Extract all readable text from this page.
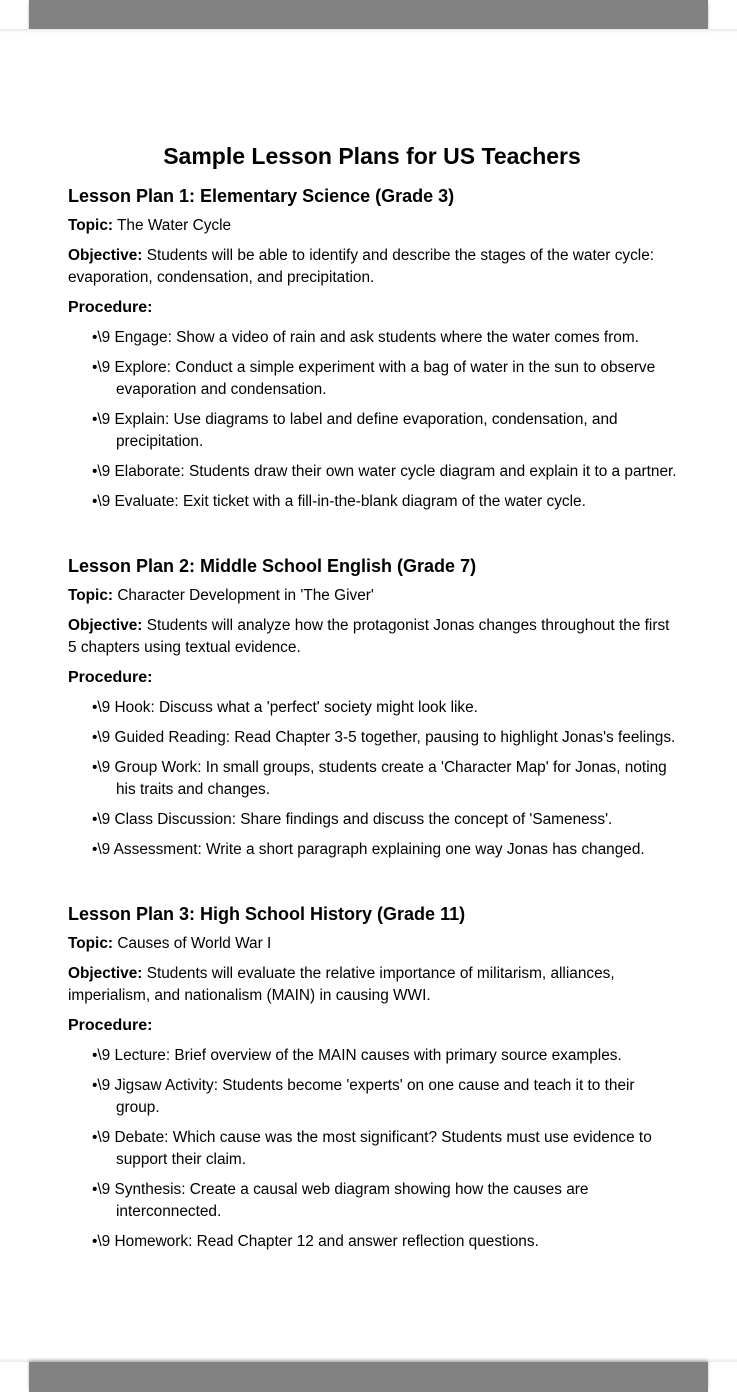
Sample Lesson Plans for US Teachers
Lesson Plan 1: Elementary Science (Grade 3)
Topic: The Water Cycle
Objective: Students will be able to identify and describe the stages of the water cycle: evaporation, condensation, and precipitation.
Procedure:
•\9 Engage: Show a video of rain and ask students where the water comes from.
•\9 Explore: Conduct a simple experiment with a bag of water in the sun to observe evaporation and condensation.
•\9 Explain: Use diagrams to label and define evaporation, condensation, and precipitation.
•\9 Elaborate: Students draw their own water cycle diagram and explain it to a partner.
•\9 Evaluate: Exit ticket with a fill-in-the-blank diagram of the water cycle.
Lesson Plan 2: Middle School English (Grade 7)
Topic: Character Development in 'The Giver'
Objective: Students will analyze how the protagonist Jonas changes throughout the first 5 chapters using textual evidence.
Procedure:
•\9 Hook: Discuss what a 'perfect' society might look like.
•\9 Guided Reading: Read Chapter 3-5 together, pausing to highlight Jonas's feelings.
•\9 Group Work: In small groups, students create a 'Character Map' for Jonas, noting his traits and changes.
•\9 Class Discussion: Share findings and discuss the concept of 'Sameness'.
•\9 Assessment: Write a short paragraph explaining one way Jonas has changed.
Lesson Plan 3: High School History (Grade 11)
Topic: Causes of World War I
Objective: Students will evaluate the relative importance of militarism, alliances, imperialism, and nationalism (MAIN) in causing WWI.
Procedure:
•\9 Lecture: Brief overview of the MAIN causes with primary source examples.
•\9 Jigsaw Activity: Students become 'experts' on one cause and teach it to their group.
•\9 Debate: Which cause was the most significant? Students must use evidence to support their claim.
•\9 Synthesis: Create a causal web diagram showing how the causes are interconnected.
•\9 Homework: Read Chapter 12 and answer reflection questions.
